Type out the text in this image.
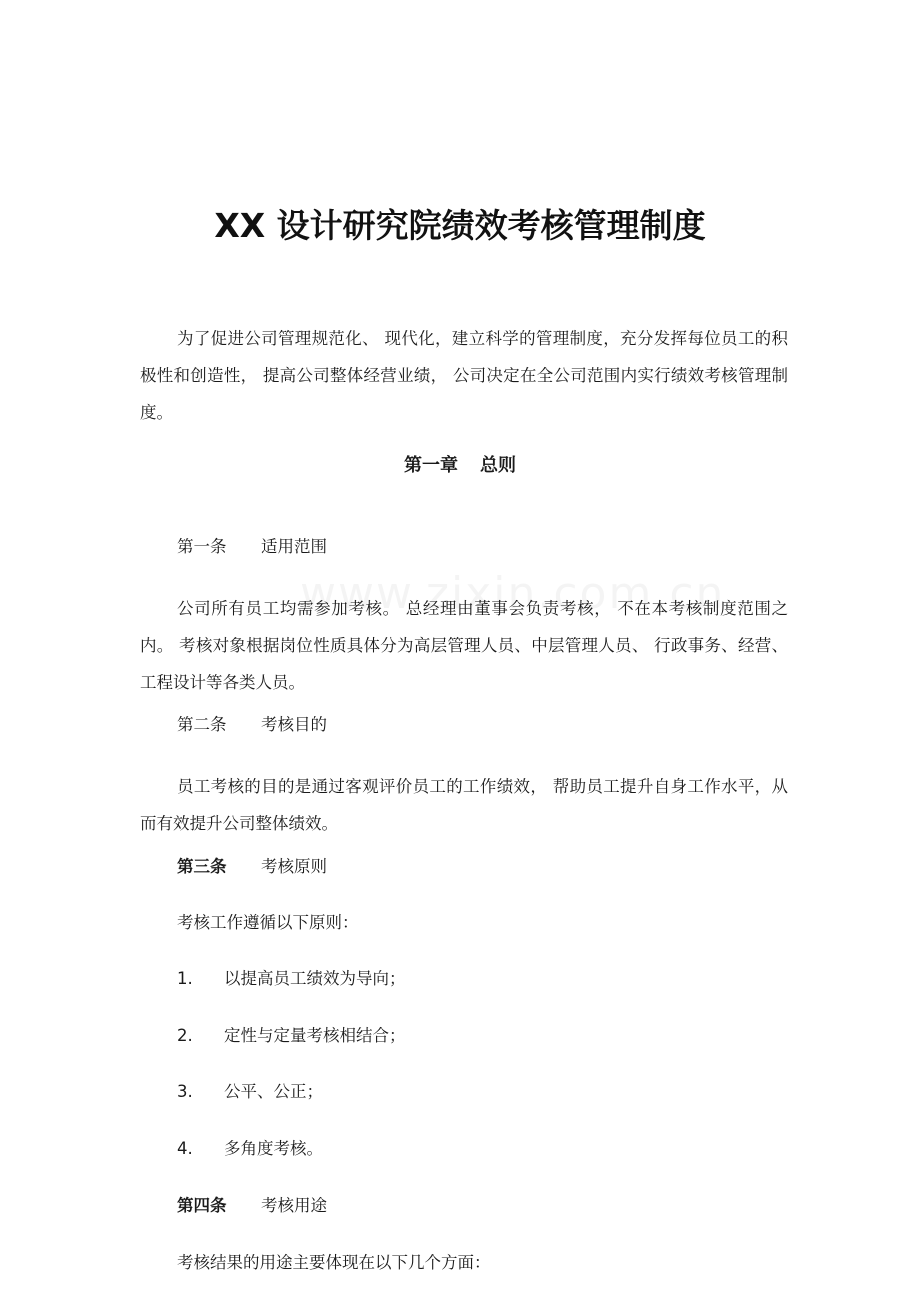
XX 设计研究院绩效考核管理制度

为了促进公司管理规范化、 现代化，建立科学的管理制度，充分发挥每位员工的积极性和创造性， 提高公司整体经营业绩， 公司决定在全公司范围内实行绩效考核管理制度。

第一章 总则
第一条 适用范围

公司所有员工均需参加考核。 总经理由董事会负责考核， 不在本考核制度范围之内。 考核对象根据岗位性质具体分为高层管理人员、中层管理人员、 行政事务、经营、工程设计等各类人员。

第二条 考核目的

员工考核的目的是通过客观评价员工的工作绩效， 帮助员工提升自身工作水平，从而有效提升公司整体绩效。

第三条 考核原则
考核工作遵循以下原则：
1. 以提高员工绩效为导向；
2. 定性与定量考核相结合；
3. 公平、公正；
4. 多角度考核。
第四条 考核用途
考核结果的用途主要体现在以下几个方面：
